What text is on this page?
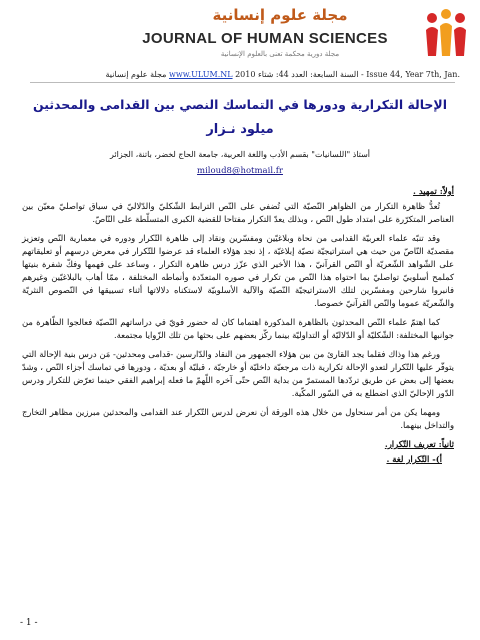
مجلة علوم إنسانية
JOURNAL OF HUMAN SCIENCES
مجلة دورية محكمة تعنى بالعلوم الإنسانية
مجلة علوم إنسانية www.ULUM.NL السنة السابعة: العدد 44: شتاء 2010 - Issue 44, Year 7th, Jan.
الإحالة التكرارية ودورها في التماسك النصي بين القدامى والمحدثين
ميلود نـزار
أستاذ "اللسانيات" بقسم الأدب واللغة العربية، جامعة الحاج لخضر، باتنة، الجزائر
miloud8@hotmail.fr
أولاً: تمهيد .
تُعدُّ ظاهرة التكرار من الظواهر النّصيّة التي تُضفي على النّص الترابط الشّكليّ والدّلاليّ في سياق تواصليّ معيّن بين العناصر المتكرّرة على امتداد طول النّص ، وبذلك يعدّ التكرار مفتاحا للقضية الكبرى المتسلّطة على النّاصّ.
وقد تنبّه علماء العربيّة القدامى من نحاة وبلاغيّين ومفسّرين ونقاد إلى ظاهرة التّكرار ودوره في معمارية النّص وتعزيز مقصديّة النّاصّ من حيث هي استراتيجيّة نصيّة إبلاغيّة ، إذ نجد هؤلاء العلماء قد عرضوا للتّكرار في معرض درسهم أو تعليقاتهم على الشّواهد الشّعريّة أو النّص القرآنيّ ، هذا الأخير الذي عزّز درس ظاهرة التكرار ، وساعد على فهمها وفكّ شفرة بنيتها كملمح أسلوبيّ تواصليّ بما احتواه هذا النّص من تكرار في صوره المتعدّدة وأنماطه المختلفة ، ممّا أهاب بالبلاغيّين وغيرهم فانبروا شارحين ومفسّرين لتلك الاستراتيجيّة النّصيّة والآلية الأسلوبيّة لاستكناه دلالاتها أثناء تسييقها في النّصوص النثريّة والشّعريّة عموما والنّص القرآنيّ خصوصا.
كما اهتمّ علماء النّص المحدثون بالظاهرة المذكورة اهتماما كان له حضور قويّ في دراساتهم النّصيّة فعالجوا الظّاهرة من جوانبها المختلفة: الشّكليّة أو الدّلاليّة أو التداوليّة بينما ركّز بعضهم على بحثها من تلك الزّوايا مجتمعة.
ورغم هذا وذاك فقلما يجد القارئ من بين هؤلاء الجمهور من النقاد والدّارسين -قدامى ومحدثين- مَن درس بنية الإحالة التي يتوفّر عليها التّكرار لتعدو الإحالة تكرارية ذات مرجعيّة داخليّة أو خارجيّة ، قبليّة أو بعديّة ، ودورها في تماسك أجزاء النّص ، وشدّ بعضها إلى بعض عن طريق تردّدها المستمرّ من بداية النّص حتّى آخره اللّهمّ ما فعله إبراهيم الفقي حينما تعرّض للتكرار ودرس الدّور الإحاليّ الذي اضطلع به في السّور المكّية.
ومهما يكن من أمر سنحاول من خلال هذه الورقة أن نعرض لدرس التّكرار عند القدامى والمحدثين مبرزين مظاهر التخارج والتداخل بينهما.
ثانياً: تعريف التّكرار.
أ)- التّكرار لغة .
- 1 -
